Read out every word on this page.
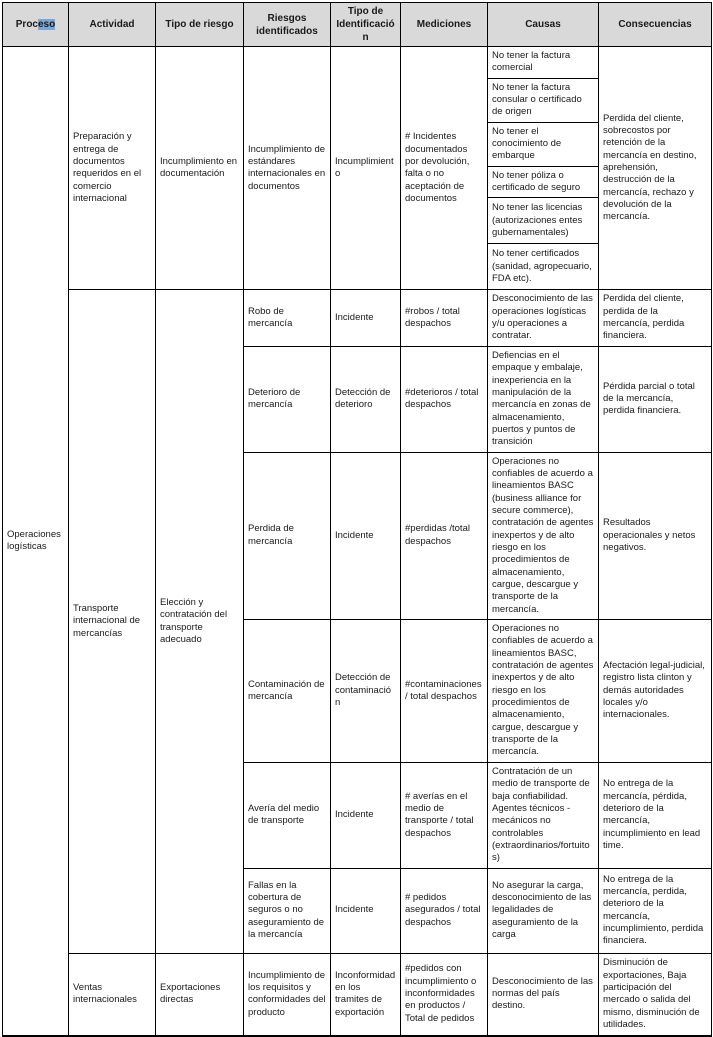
Proceso	Actividad	Tipo de riesgo	Riesgos identificados	Tipo de Identificación	Mediciones	Causas	Consecuencias
Operaciones logísticas	Preparación y entrega de documentos requeridos en el comercio internacional	Incumplimiento en documentación	Incumplimiento de estándares internacionales en documentos	Incumplimiento	# Incidentes documentados por devolución, falta o no aceptación de documentos	No tener la factura comercial	Perdida del cliente, sobrecostos por retención de la mercancía en destino, aprehensión, destrucción de la mercancía, rechazo y devolución de la mercancía.
						No tener la factura consular o certificado de origen	
						No tener el conocimiento de embarque	
						No tener póliza o certificado de seguro	
						No tener las licencias (autorizaciones entes gubernamentales)	
						No tener certificados (sanidad, agropecuario, FDA etc).	
	Transporte internacional de mercancías	Elección y contratación del transporte adecuado	Robo de mercancía	Incidente	#robos / total despachos	Desconocimiento de las operaciones logísticas y/u operaciones a contratar.	Perdida del cliente, perdida de la mercancía, perdida financiera.
			Deterioro de mercancía	Detección de deterioro	#deterioros / total despachos	Defiencias en el empaque y embalaje, inexperiencia en la manipulación de la mercancía en zonas de almacenamiento, puertos y puntos de transición	Pérdida parcial o total de la mercancía, perdida financiera.
			Perdida de mercancía	Incidente	#perdidas /total despachos	Operaciones no confiables de acuerdo a lineamientos BASC (business alliance for secure commerce), contratación de agentes inexpertos y de alto riesgo en los procedimientos de almacenamiento, cargue, descargue y transporte de la mercancía.	Resultados operacionales y netos negativos.
			Contaminación de mercancía	Detección de contaminación	#contaminaciones / total despachos	Operaciones no confiables de acuerdo a lineamientos BASC, contratación de agentes inexpertos y de alto riesgo en los procedimientos de almacenamiento, cargue, descargue y transporte de la mercancía.	Afectación legal-judicial, registro lista clinton y demás autoridades locales y/o internacionales.
			Avería del medio de transporte	Incidente	# averías en el medio de transporte / total despachos	Contratación de un medio de transporte de baja confiabilidad. Agentes técnicos - mecánicos no controlables (extraordinarios/fortuitos)	No entrega de la mercancía, pérdida, deterioro de la mercancía, incumplimiento en lead time.
			Fallas en la cobertura de seguros o no aseguramiento de la mercancía	Incidente	# pedidos asegurados / total despachos	No asegurar la carga, desconocimiento de las legalidades de aseguramiento de la carga	No entrega de la mercancía, perdida, deterioro de la mercancía, incumplimiento, perdida financiera.
	Ventas internacionales	Exportaciones directas	Incumplimiento de los requisitos y conformidades del producto	Inconformidad en los tramites de exportación	#pedidos con incumplimiento o inconformidades en productos / Total de pedidos	Desconocimiento de las normas del país destino.	Disminución de exportaciones, Baja participación del mercado o salida del mismo, disminución de utilidades.
